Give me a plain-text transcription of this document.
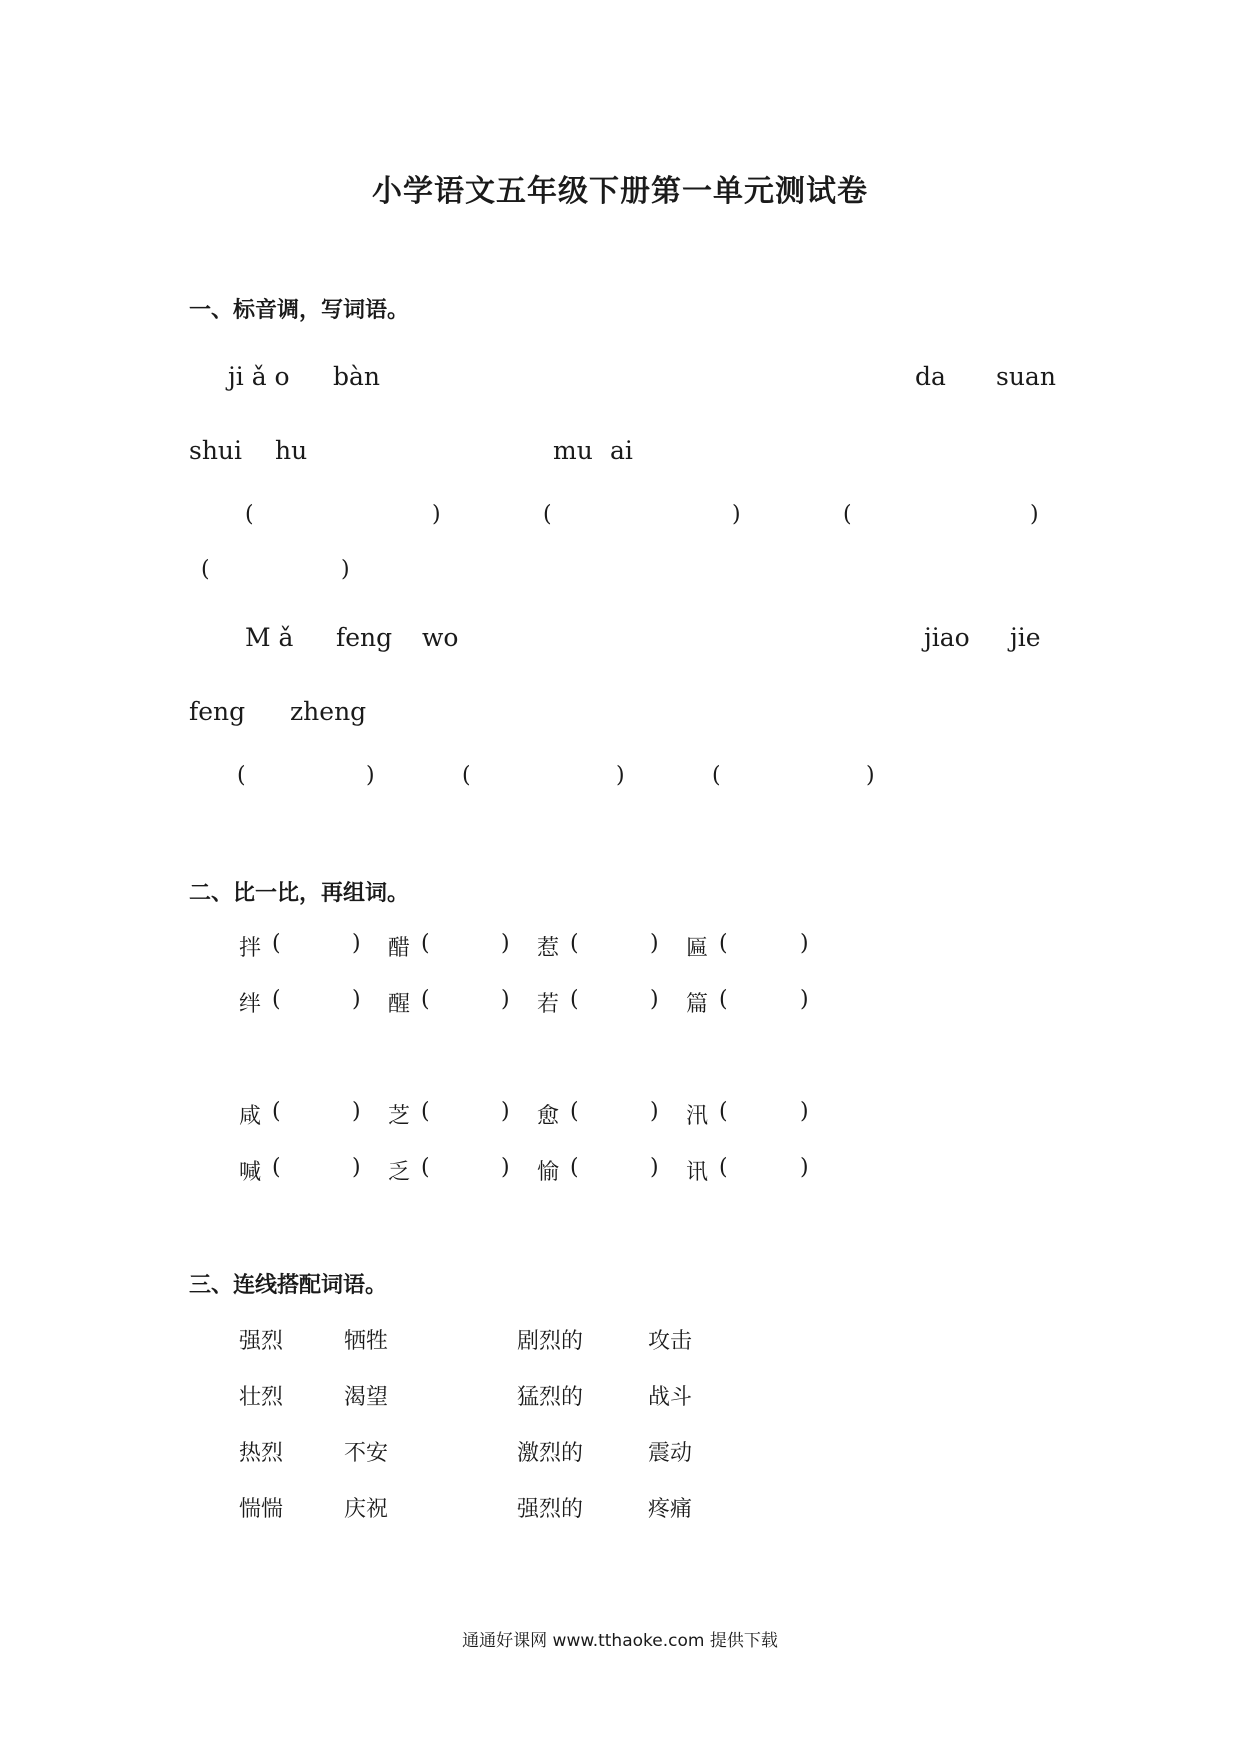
小学语文五年级下册第一单元测试卷
一、标音调，写词语。
ji ǎ o bàn	da suan
shui hu	mu ai
(	)	(	)	(	)
(	)
M ǎ feng wo	jiao jie
feng zheng
(	)	(	)	(	)
二、比一比，再组词。
拌 (	) 醋 (	) 惹 (	) 匾 (	)
绊 (	) 醒 (	) 若 (	) 篇 (	)
咸 (	) 芝 (	) 愈 (	) 汛 (	)
喊 (	) 乏 (	) 愉 (	) 讯 (	)
三、连线搭配词语。
强烈	牺牲	剧烈的	攻击
壮烈	渴望	猛烈的	战斗
热烈	不安	激烈的	震动
惴惴	庆祝	强烈的	疼痛
通通好课网 www.tthaoke.com 提供下载
